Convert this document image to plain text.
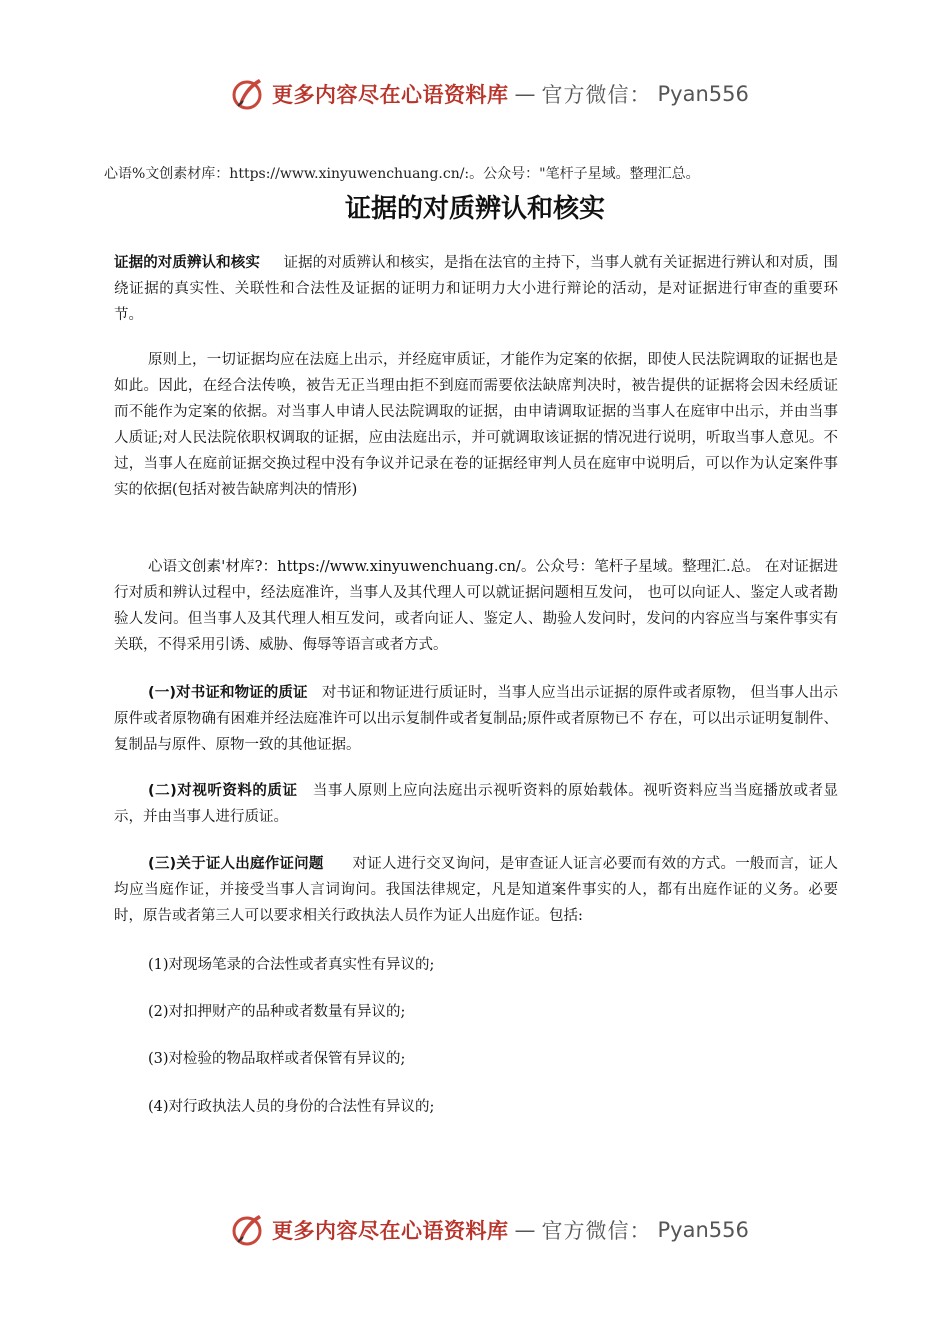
更多内容尽在心语资料库 — 官方微信： Pyan556
心语%文创素材库：https://www.xinyuwenchuang.cn/:。公众号："笔杆子星域。整理汇总。
证据的对质辨认和核实

证据的对质辨认和核实 证据的对质辨认和核实，是指在法官的主持下，当事人就有关证据进行辨认和对质，围绕证据的真实性、关联性和合法性及证据的证明力和证明力大小进行辩论的活动，是对证据进行审查的重要环节。

原则上，一切证据均应在法庭上出示，并经庭审质证，才能作为定案的依据，即使人民法院调取的证据也是如此。因此，在经合法传唤，被告无正当理由拒不到庭而需要依法缺席判决时，被告提供的证据将会因未经质证而不能作为定案的依据。对当事人申请人民法院调取的证据，由申请调取证据的当事人在庭审中出示，并由当事人质证;对人民法院依职权调取的证据，应由法庭出示，并可就调取该证据的情况进行说明，听取当事人意见。不过，当事人在庭前证据交换过程中没有争议并记录在卷的证据经审判人员在庭审中说明后，可以作为认定案件事实的依据(包括对被告缺席判决的情形)

心语文创素'材库?：https://www.xinyuwenchuang.cn/。公众号：笔杆子星域。整理汇.总。 在对证据进行对质和辨认过程中，经法庭准许，当事人及其代理人可以就证据问题相互发问， 也可以向证人、鉴定人或者勘验人发问。但当事人及其代理人相互发问，或者向证人、鉴定人、勘验人发问时，发问的内容应当与案件事实有关联，不得采用引诱、威胁、侮辱等语言或者方式。

(一)对书证和物证的质证 对书证和物证进行质证时，当事人应当出示证据的原件或者原物， 但当事人出示原件或者原物确有困难并经法庭准许可以出示复制件或者复制品;原件或者原物已不 存在，可以出示证明复制件、复制品与原件、原物一致的其他证据。

(二)对视听资料的质证 当事人原则上应向法庭出示视听资料的原始载体。视听资料应当当庭播放或者显示，并由当事人进行质证。

(三)关于证人出庭作证问题 对证人进行交叉询问，是审查证人证言必要而有效的方式。一般而言，证人均应当庭作证，并接受当事人言词询问。我国法律规定，凡是知道案件事实的人，都有出庭作证的义务。必要时，原告或者第三人可以要求相关行政执法人员作为证人出庭作证。包括:

(1)对现场笔录的合法性或者真实性有异议的;

(2)对扣押财产的品种或者数量有异议的;

(3)对检验的物品取样或者保管有异议的;

(4)对行政执法人员的身份的合法性有异议的;

更多内容尽在心语资料库 — 官方微信： Pyan556
